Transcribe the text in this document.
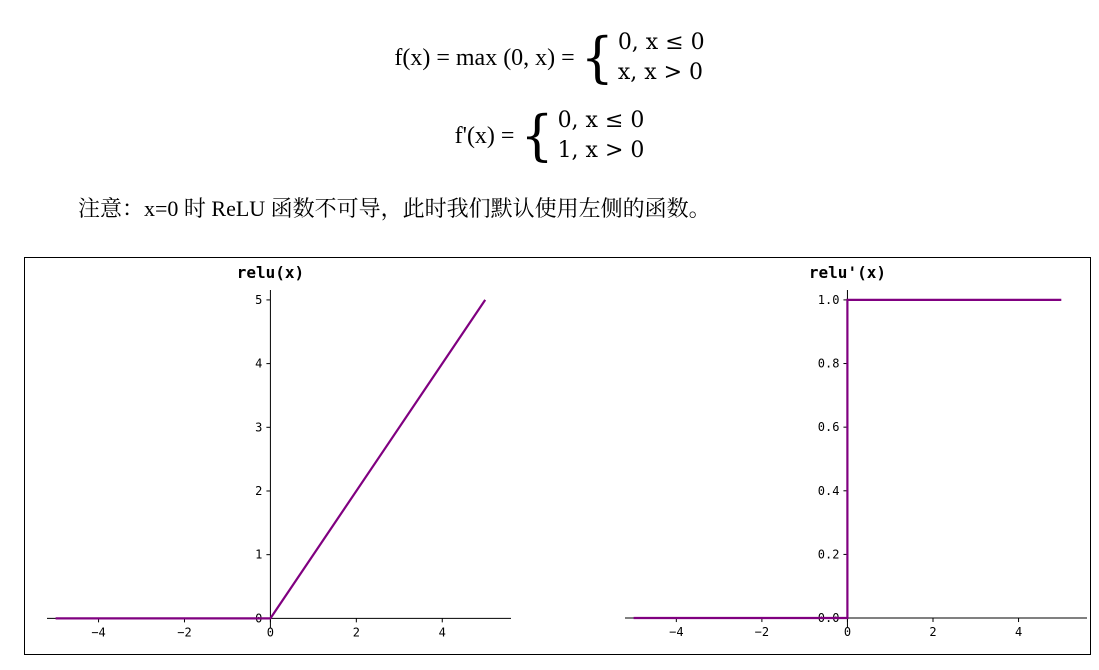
f(x) = max (0, x) = { 0, x ≤ 0
x, x > 0
f'(x) = { 0, x ≤ 0
1, x > 0
注意：x=0 时 ReLU 函数不可导，此时我们默认使用左侧的函数。
−4	−2	0	2	4
0
1
2
3
4
5
relu(x)
−4	−2	0	2	4
0.0
0.2
0.4
0.6
0.8
1.0
relu'(x)
